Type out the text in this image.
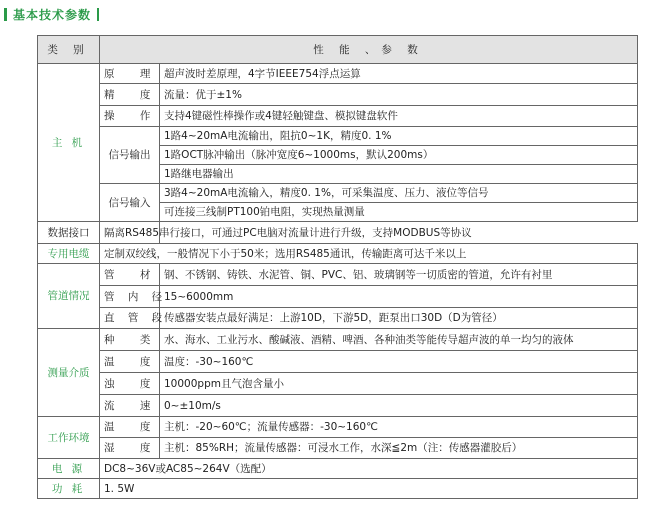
基本技术参数
类 别	性 能 、参 数	
主 机	原 理	超声波时差原理，4字节IEEE754浮点运算
	精 度	流量：优于±1%
	操 作	支持4键磁性棒操作或4键轻触键盘、模拟键盘软件
	信号输出	1路4~20mA电流输出，阻抗0~1K，精度0. 1%
		1路OCT脉冲输出（脉冲宽度6~1000ms，默认200ms）
		1路继电器输出
	信号输入	3路4~20mA电流输入，精度0. 1%，可采集温度、压力、液位等信号
		可连接三线制PT100铂电阻，实现热量测量
数据接口	隔离RS485串行接口，可通过PC电脑对流量计进行升级，支持MODBUS等协议	
专用电缆	定制双绞线，一般情况下小于50米；选用RS485通讯，传输距离可达千米以上	
管道情况	管 材	钢、不锈钢、铸铁、水泥管、铜、PVC、铝、玻璃钢等一切质密的管道，允许有衬里
	管 内 径	15~6000mm
	直 管 段	传感器安装点最好满足：上游10D，下游5D，距泵出口30D（D为管径）
测量介质	种 类	水、海水、工业污水、酸碱液、酒精、啤酒、各种油类等能传导超声波的单一均匀的液体
	温 度	温度：-30~160℃
	浊 度	10000ppm且气泡含量小
	流 速	0~±10m/s
工作环境	温 度	主机：-20~60℃；流量传感器：-30~160℃
	湿 度	主机：85%RH；流量传感器：可浸水工作，水深≦2m（注：传感器灌胶后）
电 源	DC8~36V或AC85~264V（选配）	
功 耗	1. 5W	
